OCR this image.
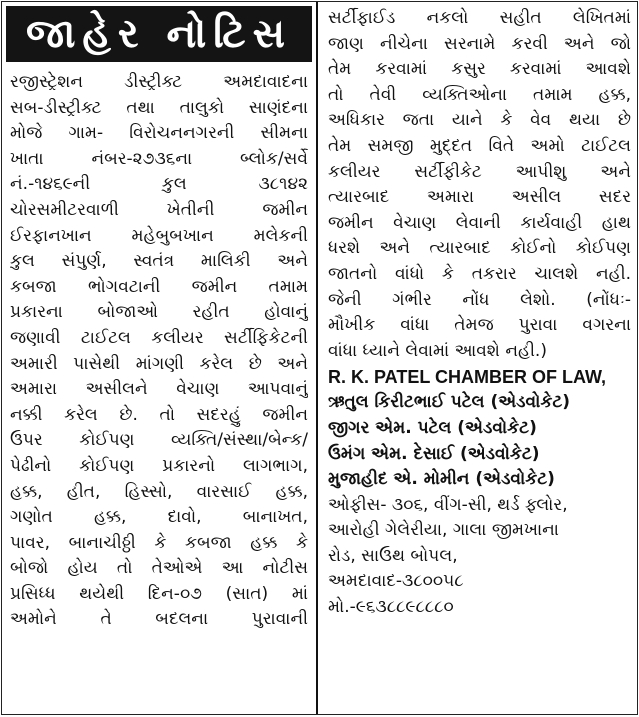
જાહેર નોટિસ
રજીસ્ટ્રેશન ડીસ્ટ્રીક્ટ અમદાવાદના
સબ-ડીસ્ટ્રીક્ટ તથા તાલુકો સાણંદના
મોજે ગામ- વિરોચનનગરની સીમના
ખાતા નંબર-૨૭૩૬ના બ્લોક/સર્વે
નં.-૧૪૬૯ની કુલ ૩૮૧૪૨
ચોરસમીટરવાળી ખેતીની જમીન
ઈરફાનખાન મહેબુબખાન મલેકની
કુલ સંપુર્ણ, સ્વતંત્ર માલિકી અને
કબજા ભોગવટાની જમીન તમામ
પ્રકારના બોજાઓ રહીત હોવાનું
જણાવી ટાઈટલ કલીયર સર્ટીફિકેટની
અમારી પાસેથી માંગણી કરેલ છે અને
અમારા અસીલને વેચાણ આપવાનું
નક્કી કરેલ છે. તો સદરહું જમીન
ઉપર કોઈપણ વ્યક્તિ/સંસ્થા/બેન્ક/
પેઢીનો કોઈપણ પ્રકારનો લાગભાગ,
હક્ક, હીત, હિસ્સો, વારસાઈ હક્ક,
ગણોત હક્ક, દાવો, બાનાખત,
પાવર, બાનાચીઠ્ઠી કે કબજા હક્ક કે
બોજો હોય તો તેઓએ આ નોટીસ
પ્રસિધ્ધ થયેથી દિન-૦૭ (સાત) માં
અમોને તે બદલના પુરાવાની
સર્ટીફાઈડ નકલો સહીત લેખિતમાં
જાણ નીચેના સરનામે કરવી અને જો
તેમ કરવામાં કસુર કરવામાં આવશે
તો તેવી વ્યક્તિઓના તમામ હક્ક,
અધિકાર જતા યાને કે વેવ થયા છે
તેમ સમજી મુદ્દત વિતે અમો ટાઈટલ
કલીયર સર્ટીફીકેટ આપીશુ અને
ત્યારબાદ અમારા અસીલ સદર
જમીન વેચાણ લેવાની કાર્યવાહી હાથ
ધરશે અને ત્યારબાદ કોઈનો કોઈપણ
જાતનો વાંધો કે તકરાર ચાલશે નહી.
જેની ગંભીર નોંધ લેશો. (નોંધઃ-
મૌખીક વાંધા તેમજ પુરાવા વગરના
વાંધા ધ્યાને લેવામાં આવશે નહી.)
R. K. PATEL CHAMBER OF LAW,
ઋતુલ કિરીટભાઈ પટેલ (એડવોકેટ)
જીગર એમ. પટેલ (એડવોકેટ)
ઉમંગ એમ. દેસાઈ (એડવોકેટ)
મુજાહીદ એ. મોમીન (એડવોકેટ)
ઓફીસ- ૩૦૬, વીંગ-સી, થર્ડ ફ્લોર,
આરોહી ગેલેરીયા, ગાલા જીમખાના
રોડ, સાઉથ બોપલ,
અમદાવાદ-૩૮૦૦૫૮
મો.-૯૬૩૮૮૯૮૮૮૦
